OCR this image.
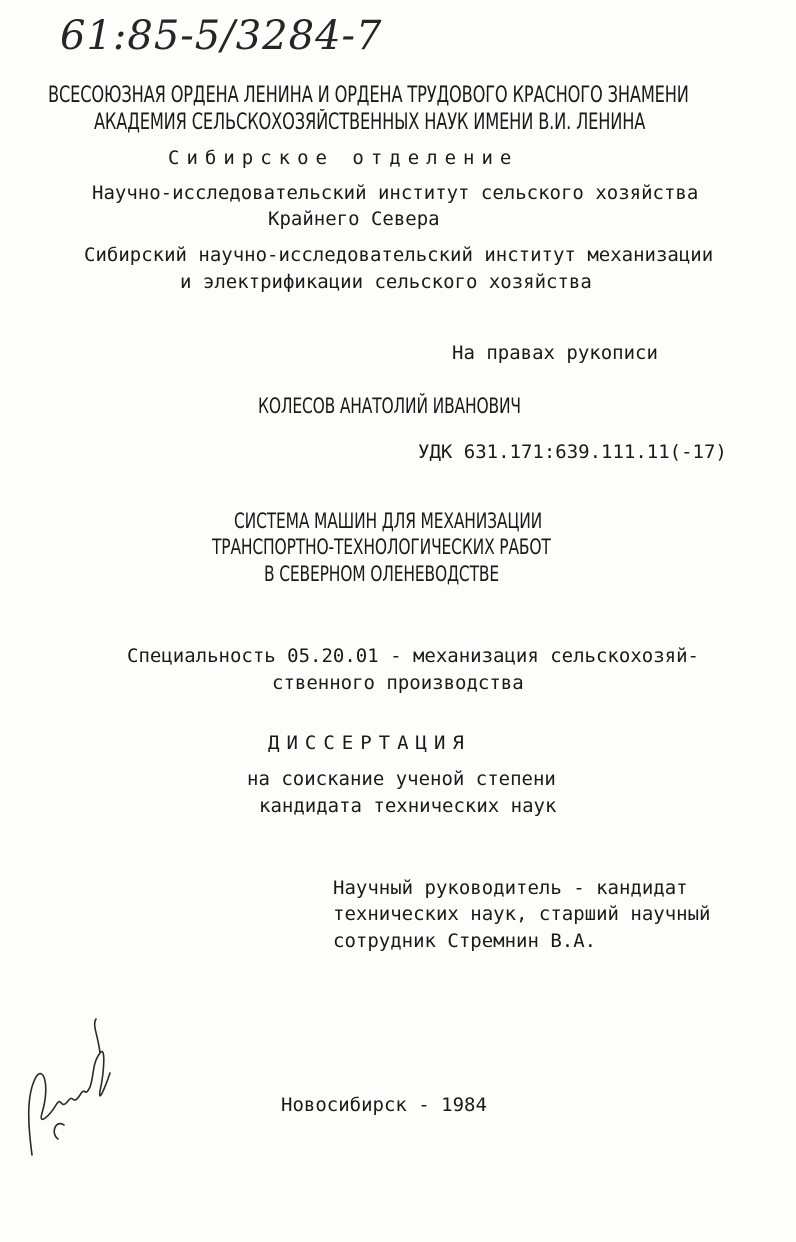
61:85-5/3284-7
ВСЕСОЮЗНАЯ ОРДЕНА ЛЕНИНА И ОРДЕНА ТРУДОВОГО КРАСНОГО ЗНАМЕНИ
АКАДЕМИЯ СЕЛЬСКОХОЗЯЙСТВЕННЫХ НАУК ИМЕНИ В.И. ЛЕНИНА
Сибирское отделение
Научно-исследовательский институт сельского хозяйства
Крайнего Севера
Сибирский научно-исследовательский институт механизации
и электрификации сельского хозяйства
На правах рукописи
КОЛЕСОВ АНАТОЛИЙ ИВАНОВИЧ
УДК 631.171:639.111.11(-17)
СИСТЕМА МАШИН ДЛЯ МЕХАНИЗАЦИИ
ТРАНСПОРТНО-ТЕХНОЛОГИЧЕСКИХ РАБОТ
В СЕВЕРНОМ ОЛЕНЕВОДСТВЕ
Специальность 05.20.01 - механизация сельскохозяй-
ственного производства
ДИССЕРТАЦИЯ
на соискание ученой степени
кандидата технических наук
Научный руководитель - кандидат
технических наук, старший научный
сотрудник Стремнин В.А.
Новосибирск - 1984
